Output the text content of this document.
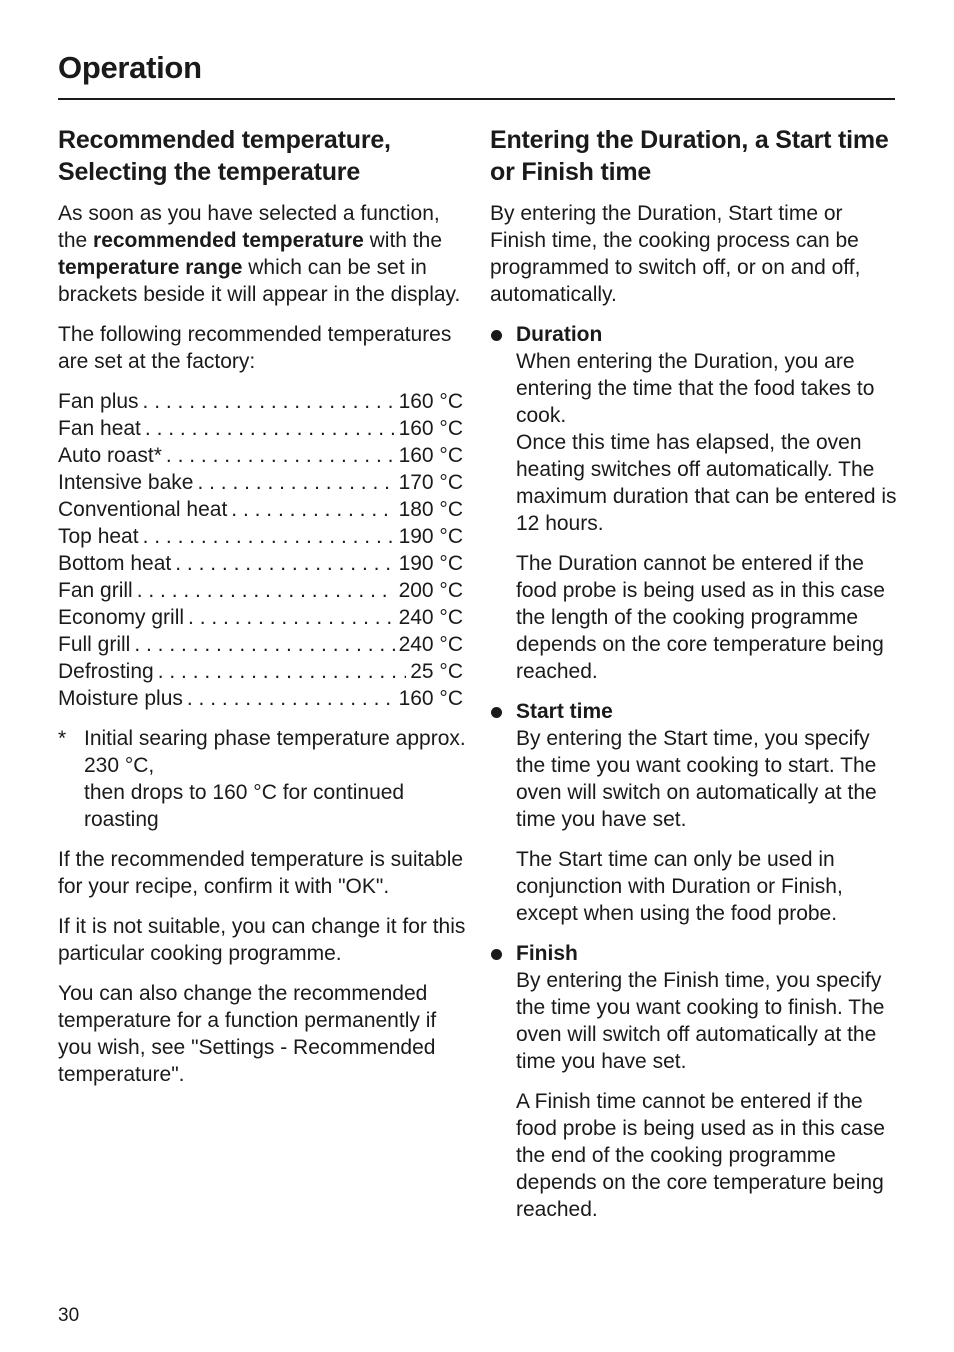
Operation
Recommended temperature, Selecting the temperature

As soon as you have selected a function, the recommended temperature with the temperature range which can be set in brackets beside it will appear in the display.

The following recommended temperatures are set at the factory:

Fan plus . . .	160 °C
Fan heat . . .	160 °C
Auto roast* . . .	160 °C
Intensive bake . . .	170 °C
Conventional heat . . .	180 °C
Top heat . . .	190 °C
Bottom heat . . .	190 °C
Fan grill . . .	200 °C
Economy grill . . .	240 °C
Full grill . . .	240 °C
Defrosting . . .	25 °C
Moisture plus . . .	160 °C
* Initial searing phase temperature approx. 230 °C,
then drops to 160 °C for continued roasting

If the recommended temperature is suitable for your recipe, confirm it with "OK".

If it is not suitable, you can change it for this particular cooking programme.

You can also change the recommended temperature for a function permanently if you wish, see "Settings - Recommended temperature".

Entering the Duration, a Start time or Finish time

By entering the Duration, Start time or Finish time, the cooking process can be programmed to switch off, or on and off, automatically.

Duration

When entering the Duration, you are entering the time that the food takes to cook.
Once this time has elapsed, the oven heating switches off automatically. The maximum duration that can be entered is 12 hours.

The Duration cannot be entered if the food probe is being used as in this case the length of the cooking programme depends on the core temperature being reached.

Start time

By entering the Start time, you specify the time you want cooking to start. The oven will switch on automatically at the time you have set.

The Start time can only be used in conjunction with Duration or Finish, except when using the food probe.

Finish

By entering the Finish time, you specify the time you want cooking to finish. The oven will switch off automatically at the time you have set.

A Finish time cannot be entered if the food probe is being used as in this case the end of the cooking programme depends on the core temperature being reached.

30
